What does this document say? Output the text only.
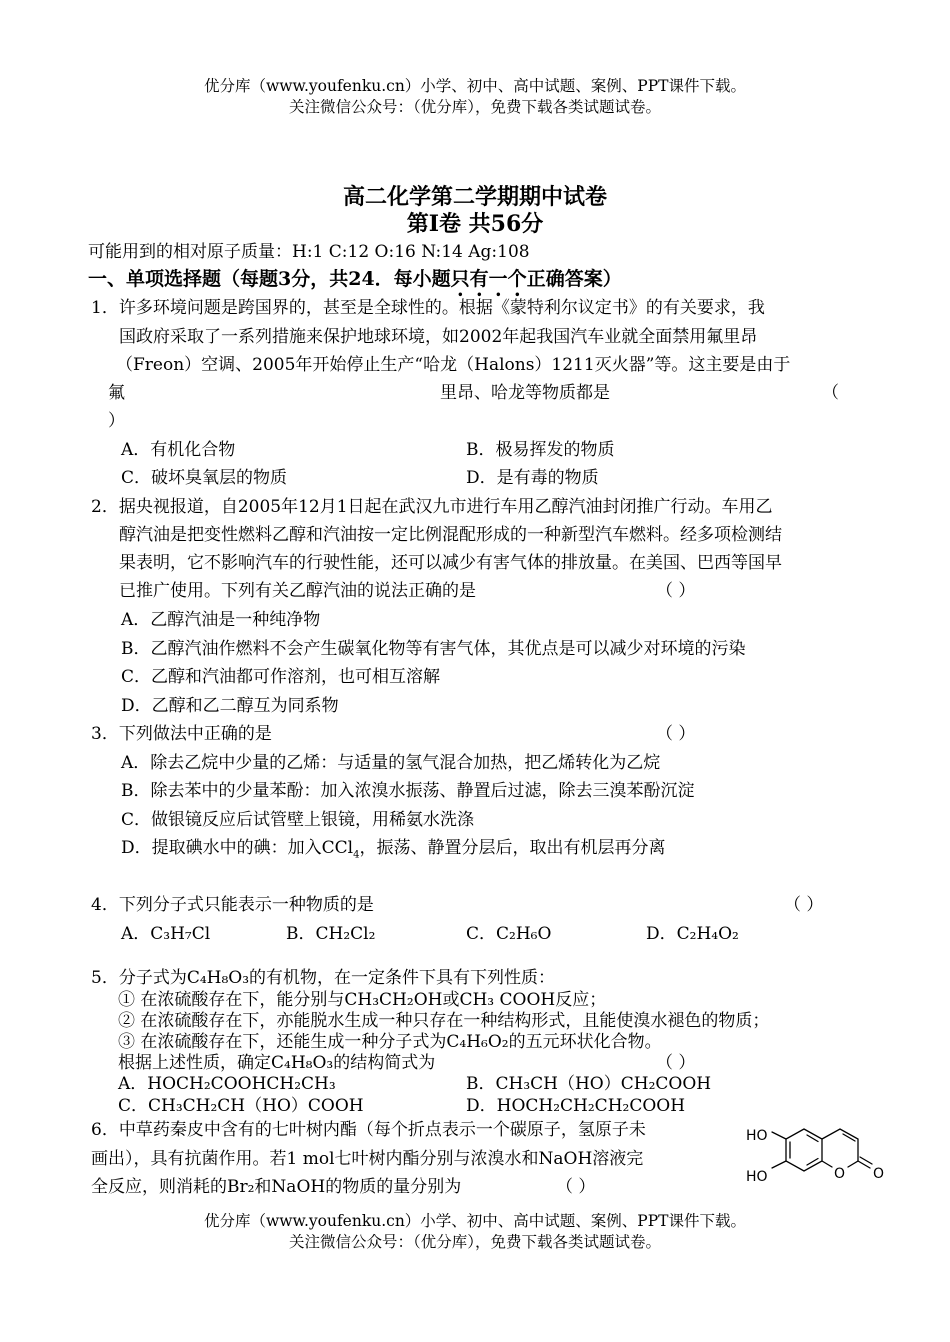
优分库（www.youfenku.cn）小学、初中、高中试题、案例、PPT课件下载。
关注微信公众号：（优分库），免费下载各类试题试卷。
高二化学第二学期期中试卷
第Ⅰ卷 共56分
可能用到的相对原子质量：H:1 C:12 O:16 N:14 Ag:108
一、单项选择题（每题3分，共24．每小题只有一个正确答案）
1．许多环境问题是跨国界的，甚至是全球性的。根据《蒙特利尔议定书》的有关要求，我
国政府采取了一系列措施来保护地球环境，如2002年起我国汽车业就全面禁用氟里昂
（Freon）空调、2005年开始停止生产“哈龙（Halons）1211灭火器”等。这主要是由于
氟	里昂、哈龙等物质都是	（
）
A．有机化合物	B．极易挥发的物质
C．破坏臭氧层的物质	D．是有毒的物质
2．据央视报道，自2005年12月1日起在武汉九市进行车用乙醇汽油封闭推广行动。车用乙
醇汽油是把变性燃料乙醇和汽油按一定比例混配形成的一种新型汽车燃料。经多项检测结
果表明，它不影响汽车的行驶性能，还可以减少有害气体的排放量。在美国、巴西等国早
已推广使用。下列有关乙醇汽油的说法正确的是	（ ）
A．乙醇汽油是一种纯净物
B．乙醇汽油作燃料不会产生碳氧化物等有害气体，其优点是可以减少对环境的污染
C．乙醇和汽油都可作溶剂，也可相互溶解
D．乙醇和乙二醇互为同系物
3．下列做法中正确的是	（ ）
A．除去乙烷中少量的乙烯：与适量的氢气混合加热，把乙烯转化为乙烷
B．除去苯中的少量苯酚：加入浓溴水振荡、静置后过滤，除去三溴苯酚沉淀
C．做银镜反应后试管壁上银镜，用稀氨水洗涤
D．提取碘水中的碘：加入CCl$_4$，振荡、静置分层后，取出有机层再分离
4．下列分子式只能表示一种物质的是	（ ）
A．C₃H₇Cl	B．CH₂Cl₂	C．C₂H₆O	D．C₂H₄O₂
5．分子式为C₄H₈O₃的有机物，在一定条件下具有下列性质：
① 在浓硫酸存在下，能分别与CH₃CH₂OH或CH₃ COOH反应；
② 在浓硫酸存在下，亦能脱水生成一种只存在一种结构形式，且能使溴水褪色的物质；
③ 在浓硫酸存在下，还能生成一种分子式为C₄H₆O₂的五元环状化合物。
根据上述性质，确定C₄H₈O₃的结构简式为	（ ）
A．HOCH₂COOHCH₂CH₃	B．CH₃CH（HO）CH₂COOH
C．CH₃CH₂CH（HO）COOH	D．HOCH₂CH₂CH₂COOH
6．中草药秦皮中含有的七叶树内酯（每个折点表示一个碳原子，氢原子未
画出），具有抗菌作用。若1 mol七叶树内酯分别与浓溴水和NaOH溶液完
全反应，则消耗的Br₂和NaOH的物质的量分别为	（ ）
HO
HO	O O
优分库（www.youfenku.cn）小学、初中、高中试题、案例、PPT课件下载。
关注微信公众号：（优分库），免费下载各类试题试卷。
